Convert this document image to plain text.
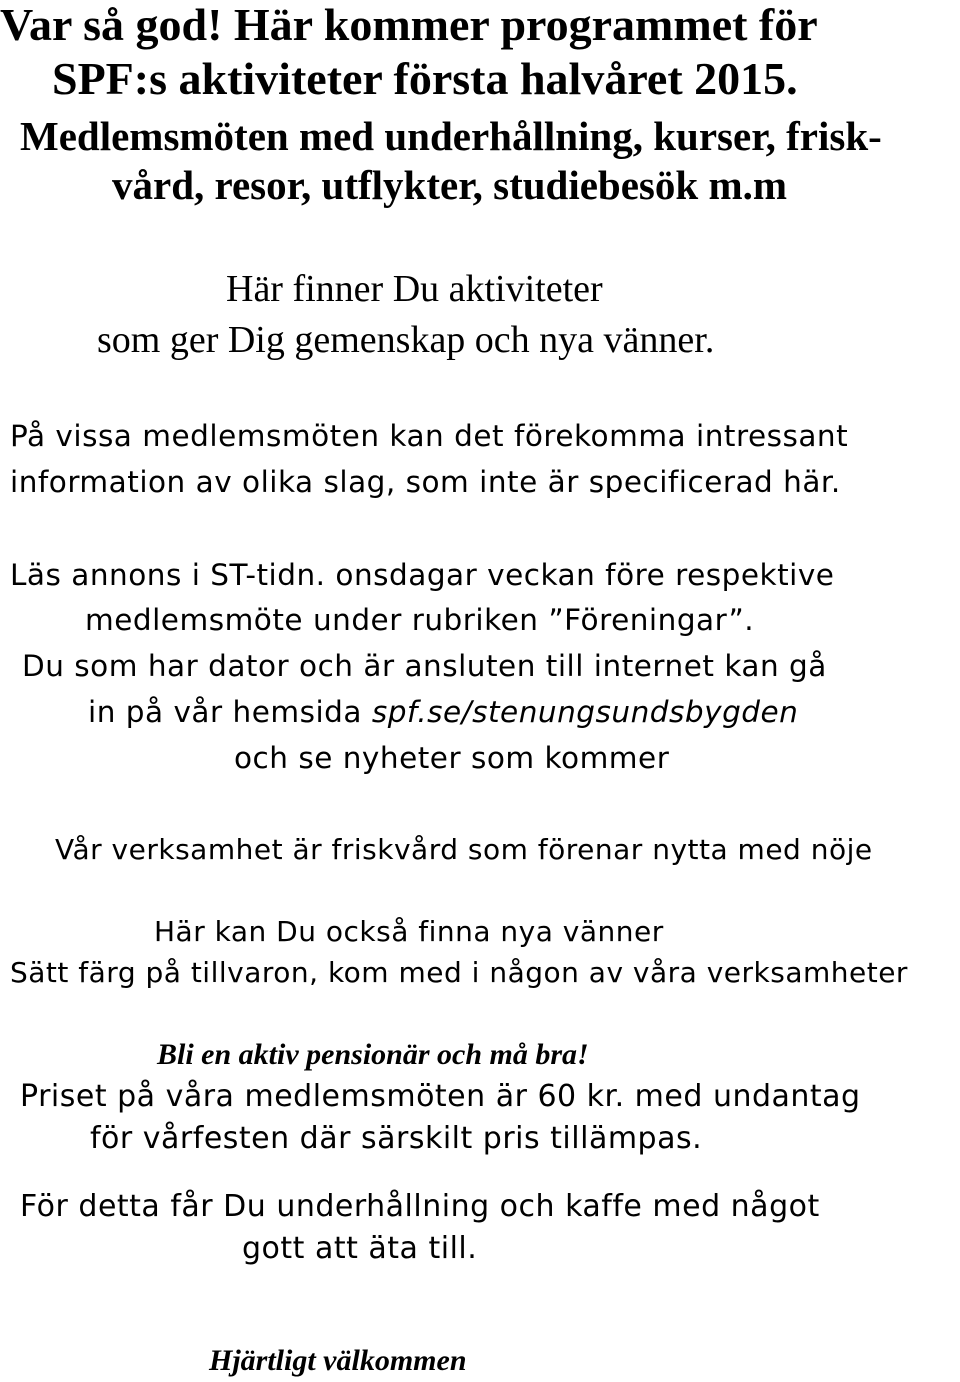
Var så god! Här kommer programmet för
SPF:s aktiviteter första halvåret 2015.
Medlemsmöten med underhållning, kurser, frisk-
vård, resor, utflykter, studiebesök m.m
Här finner Du aktiviteter
som ger Dig gemenskap och nya vänner.
På vissa medlemsmöten kan det förekomma intressant
information av olika slag, som inte är specificerad här.
Läs annons i ST-tidn. onsdagar veckan före respektive
medlemsmöte under rubriken ”Föreningar”.
Du som har dator och är ansluten till internet kan gå
in på vår hemsida spf.se/stenungsundsbygden
och se nyheter som kommer
Vår verksamhet är friskvård som förenar nytta med nöje
Här kan Du också finna nya vänner
Sätt färg på tillvaron, kom med i någon av våra verksamheter
Bli en aktiv pensionär och må bra!
Priset på våra medlemsmöten är 60 kr. med undantag
för vårfesten där särskilt pris tillämpas.
För detta får Du underhållning och kaffe med något
gott att äta till.
Hjärtligt välkommen
